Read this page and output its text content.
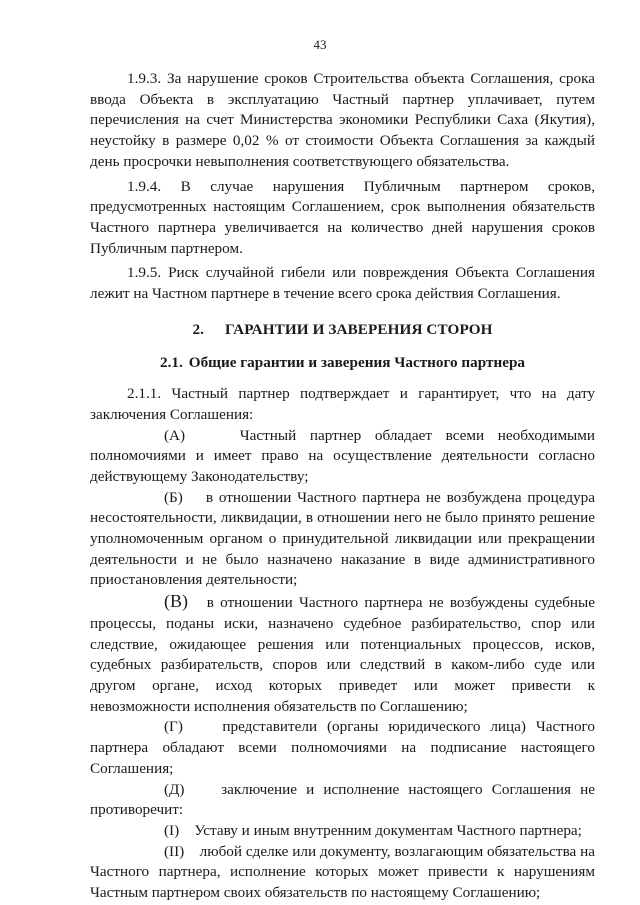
43

1.9.3. За нарушение сроков Строительства объекта Соглашения, срока ввода Объекта в эксплуатацию Частный партнер уплачивает, путем перечисления на счет Министерства экономики Республики Саха (Якутия), неустойку в размере 0,02 % от стоимости Объекта Соглашения за каждый день просрочки невыполнения соответствующего обязательства.

1.9.4. В случае нарушения Публичным партнером сроков, предусмотренных настоящим Соглашением, срок выполнения обязательств Частного партнера увеличивается на количество дней нарушения сроков Публичным партнером.

1.9.5. Риск случайной гибели или повреждения Объекта Соглашения лежит на Частном партнере в течение всего срока действия Соглашения.

2. ГАРАНТИИ И ЗАВЕРЕНИЯ СТОРОН
2.1. Общие гарантии и заверения Частного партнера

2.1.1. Частный партнер подтверждает и гарантирует, что на дату заключения Соглашения:

(А)	Частный партнер обладает всеми необходимыми полномочиями и имеет право на осуществление деятельности согласно действующему Законодательству;

(Б) в отношении Частного партнера не возбуждена процедура несостоятельности, ликвидации, в отношении него не было принято решение уполномоченным органом о принудительной ликвидации или прекращении деятельности и не было назначено наказание в виде административного приостановления деятельности;

(В) в отношении Частного партнера не возбуждены судебные процессы, поданы иски, назначено судебное разбирательство, спор или следствие, ожидающее решения или потенциальных процессов, исков, судебных разбирательств, споров или следствий в каком-либо суде или другом органе, исход которых приведет или может привести к невозможности исполнения обязательств по Соглашению;

(Г)	представители (органы юридического лица) Частного партнера обладают всеми полномочиями на подписание настоящего Соглашения;

(Д) заключение и исполнение настоящего Соглашения не противоречит:

(I) Уставу и иным внутренним документам Частного партнера;

(II) любой сделке или документу, возлагающим обязательства на Частного партнера, исполнение которых может привести к нарушениям Частным партнером своих обязательств по настоящему Соглашению;
